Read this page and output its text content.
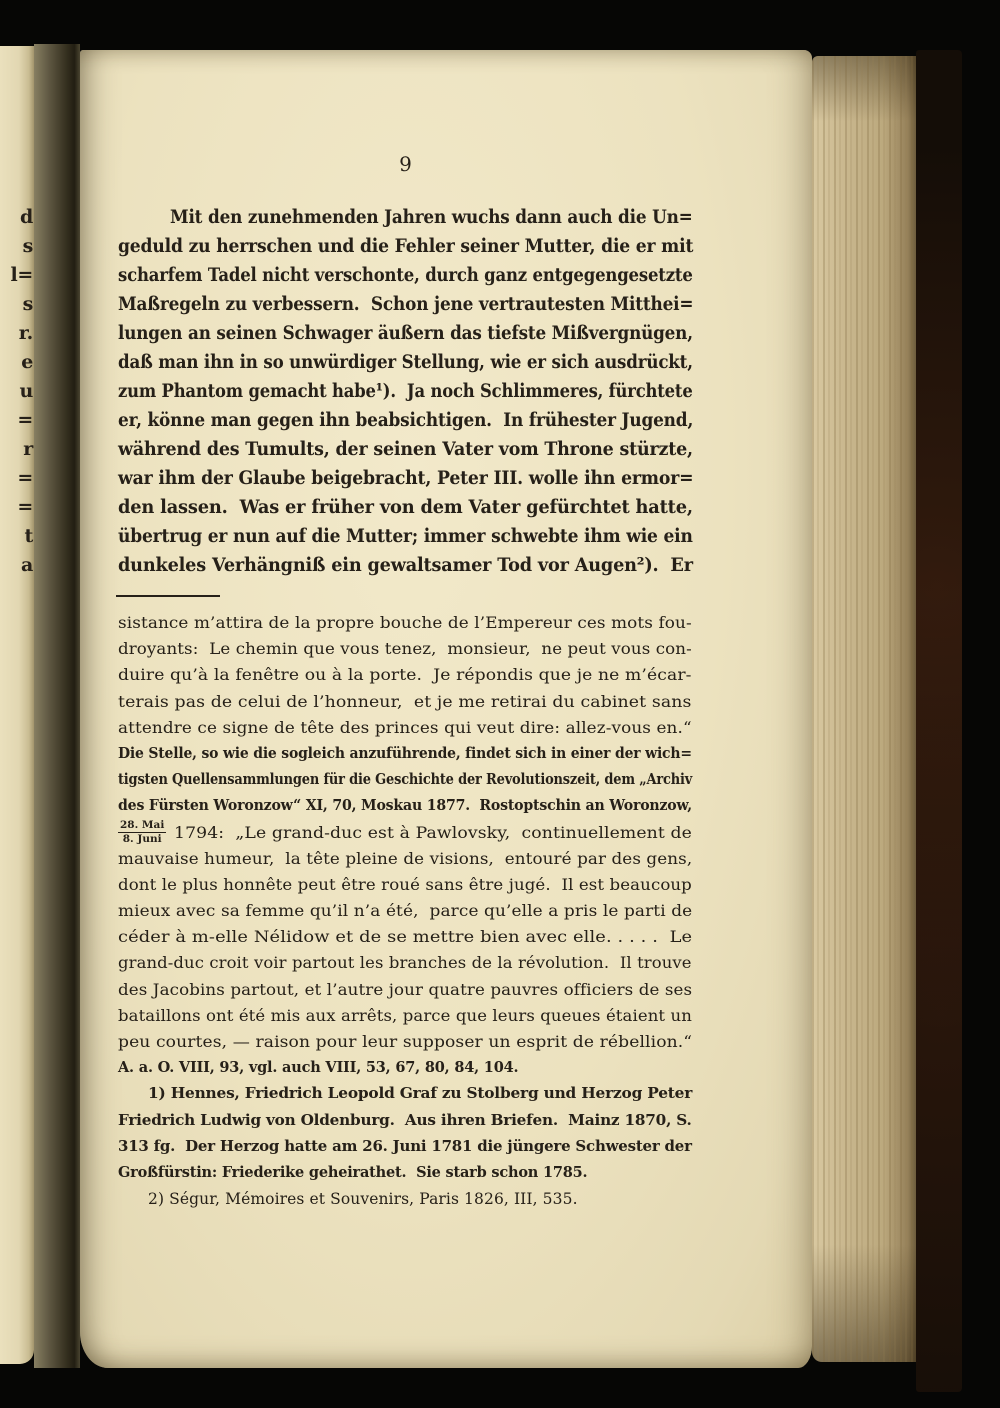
d
s
l=
s
r.
e
u
=
r
=
=
t
a
9
Mit den zunehmenden Jahren wuchs dann auch die Un=
geduld zu herrschen und die Fehler seiner Mutter, die er mit
scharfem Tadel nicht verschonte, durch ganz entgegengesetzte
Maßregeln zu verbessern.  Schon jene vertrautesten Mitthei=
lungen an seinen Schwager äußern das tiefste Mißvergnügen,
daß man ihn in so unwürdiger Stellung, wie er sich ausdrückt,
zum Phantom gemacht habe¹).  Ja noch Schlimmeres, fürchtete
er, könne man gegen ihn beabsichtigen.  In frühester Jugend,
während des Tumults, der seinen Vater vom Throne stürzte,
war ihm der Glaube beigebracht, Peter III. wolle ihn ermor=
den lassen.  Was er früher von dem Vater gefürchtet hatte,
übertrug er nun auf die Mutter; immer schwebte ihm wie ein
dunkeles Verhängniß ein gewaltsamer Tod vor Augen²).  Er
sistance m’attira de la propre bouche de l’Empereur ces mots fou-
droyants:  Le chemin que vous tenez,  monsieur,  ne peut vous con-
duire qu’à la fenêtre ou à la porte.  Je répondis que je ne m’écar-
terais pas de celui de l’honneur,  et je me retirai du cabinet sans
attendre ce signe de tête des princes qui veut dire: allez-vous en.“
Die Stelle, so wie die sogleich anzuführende, findet sich in einer der wich=
tigsten Quellensammlungen für die Geschichte der Revolutionszeit, dem „Archiv
des Fürsten Woronzow“ XI, 70, Moskau 1877.  Rostoptschin an Woronzow,
$\frac{\text{28. Mai}}{\text{8. Juni}} 1794$:  „Le grand-duc est à Pawlovsky,  continuellement de
mauvaise humeur,  la tête pleine de visions,  entouré par des gens,
dont le plus honnête peut être roué sans être jugé.  Il est beaucoup
mieux avec sa femme qu’il n’a été,  parce qu’elle a pris le parti de
céder à m-elle Nélidow et de se mettre bien avec elle. . . . .  Le
grand-duc croit voir partout les branches de la révolution.  Il trouve
des Jacobins partout, et l’autre jour quatre pauvres officiers de ses
bataillons ont été mis aux arrêts, parce que leurs queues étaient un
peu courtes, — raison pour leur supposer un esprit de rébellion.“
A. a. O. VIII, 93, vgl. auch VIII, 53, 67, 80, 84, 104.
1) Hennes, Friedrich Leopold Graf zu Stolberg und Herzog Peter
Friedrich Ludwig von Oldenburg.  Aus ihren Briefen.  Mainz 1870, S.
313 fg.  Der Herzog hatte am 26. Juni 1781 die jüngere Schwester der
Großfürstin: Friederike geheirathet.  Sie starb schon 1785.
2) Ségur, Mémoires et Souvenirs, Paris 1826, III, 535.
